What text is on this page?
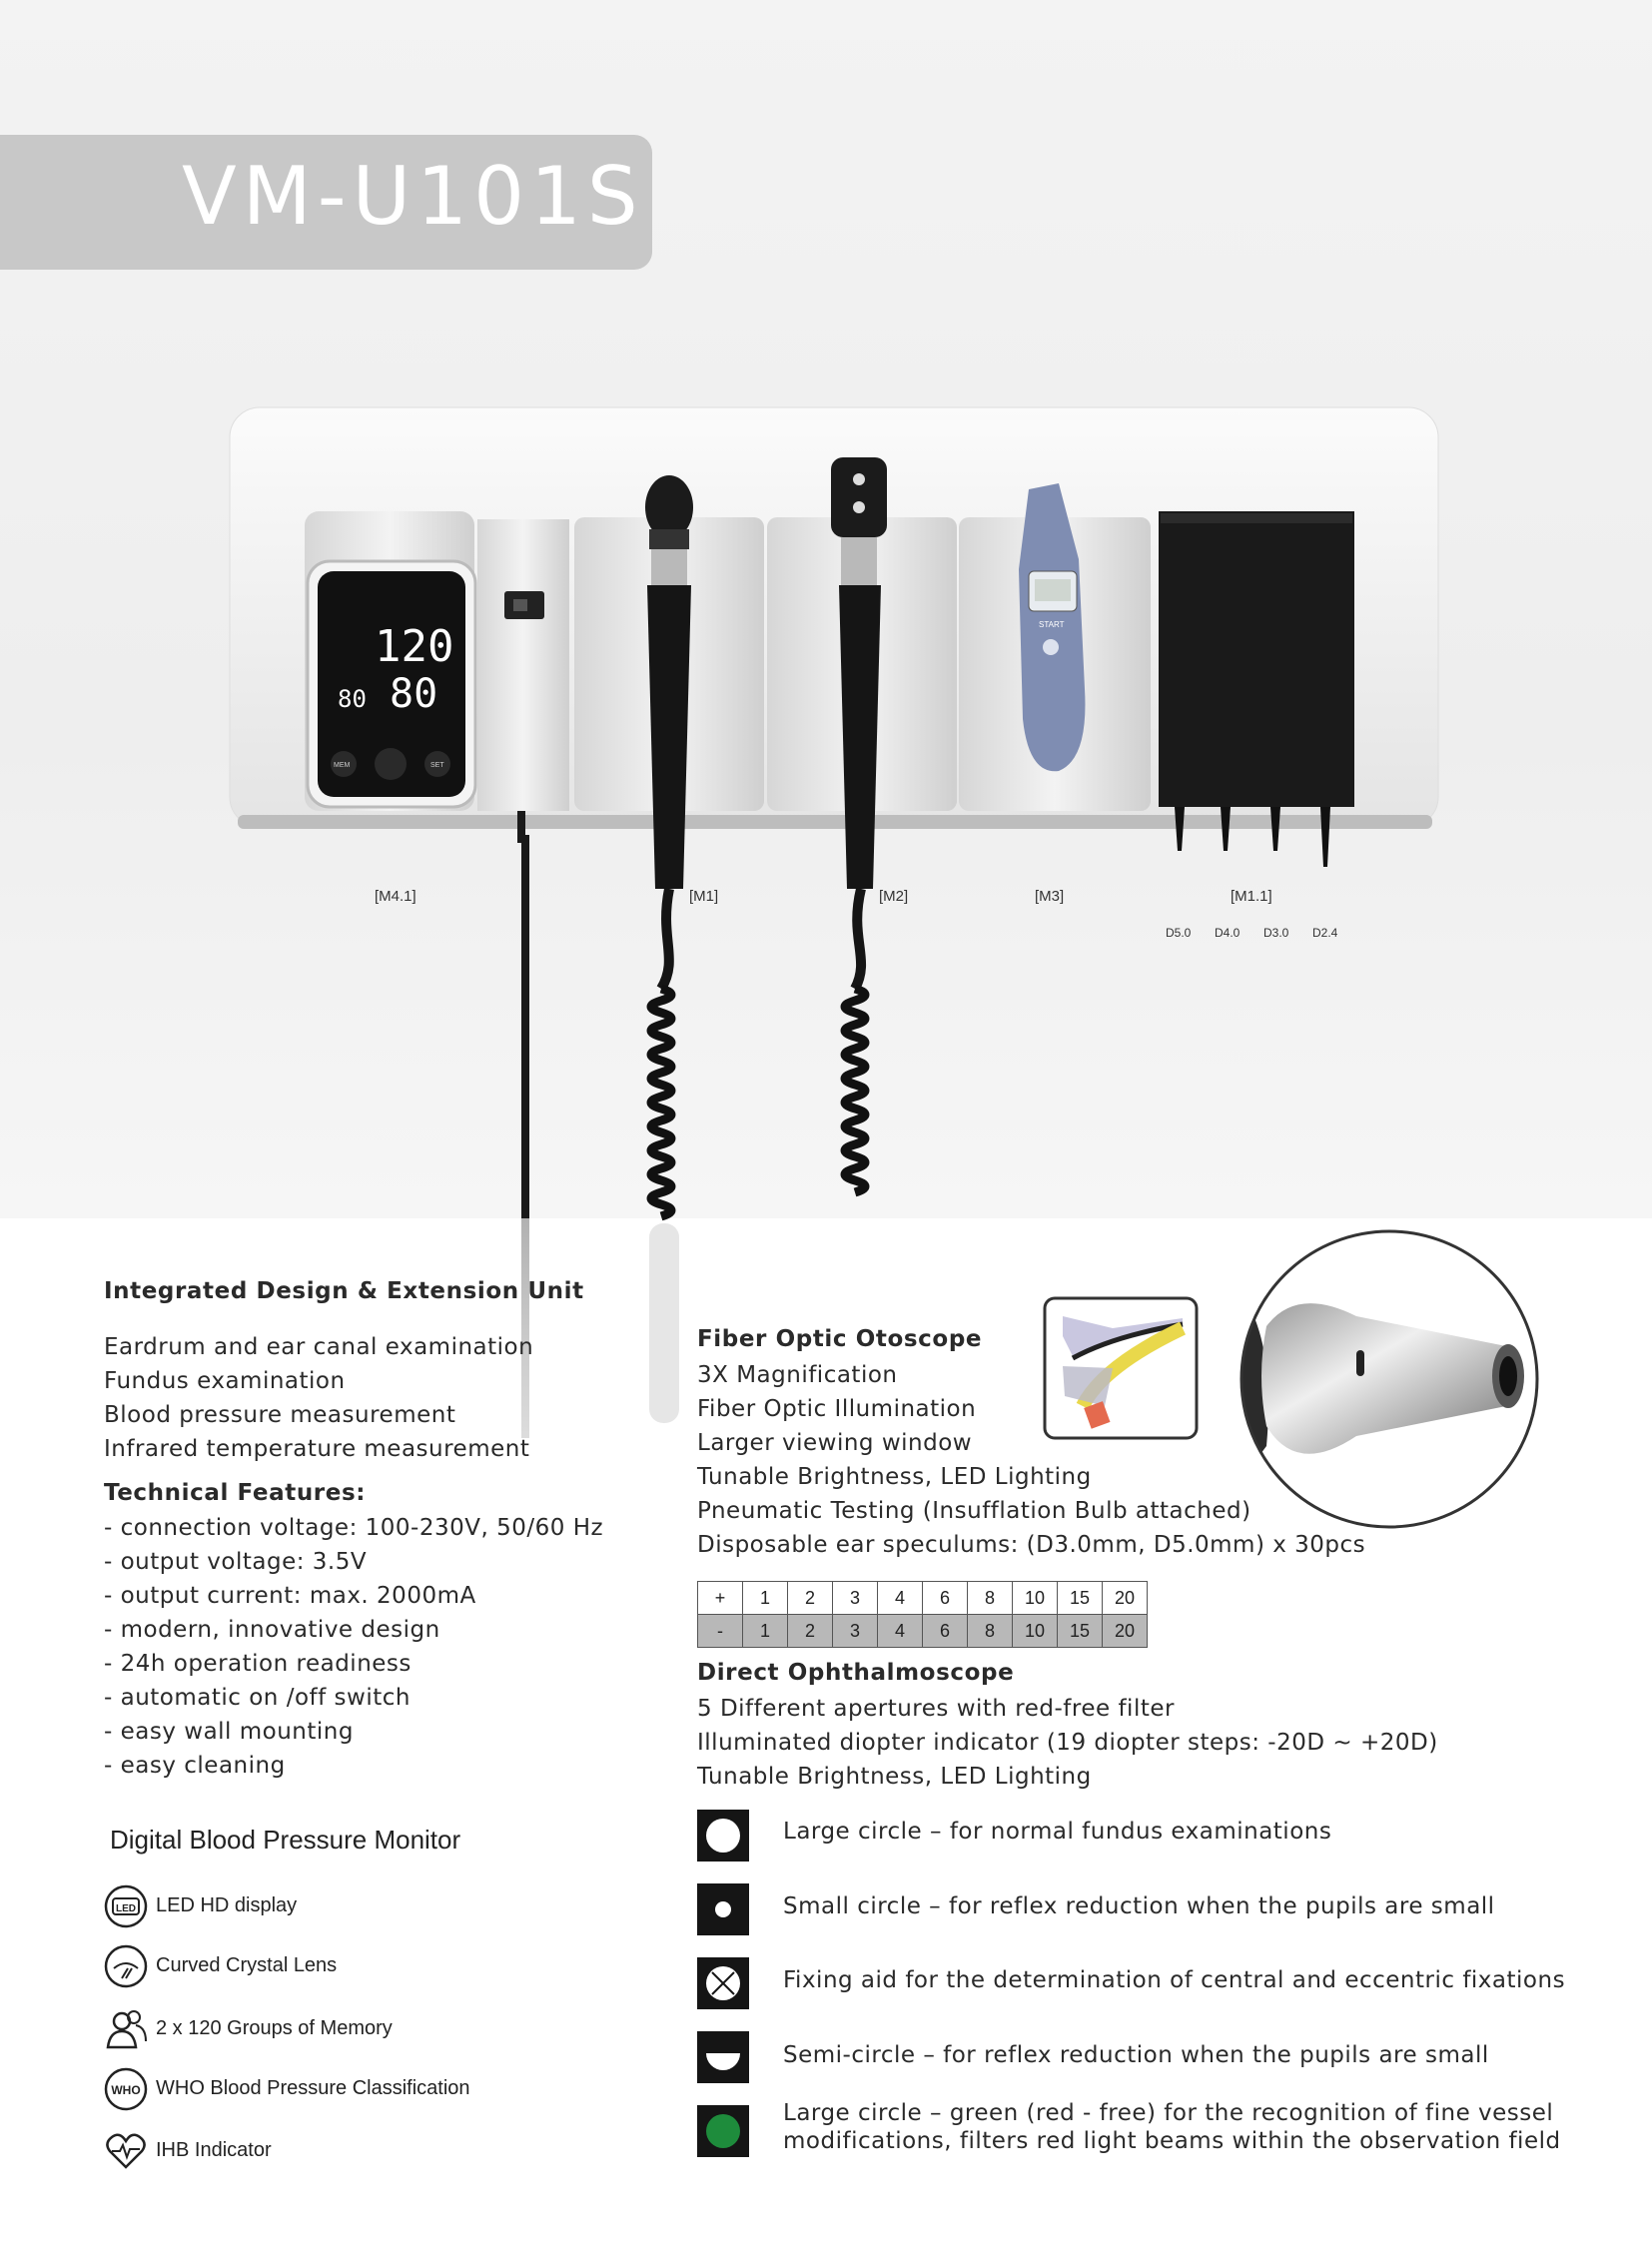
VM-U101S
120
80
80
MEM	SET
START
[M4.1]	[M1]	[M2]	[M3]	[M1.1]
D5.0 D4.0 D3.0 D2.4
Integrated Design & Extension Unit
Eardrum and ear canal examination
Fundus examination
Blood pressure measurement
Infrared temperature measurement
Technical Features:
- connection voltage: 100-230V, 50/60 Hz
- output voltage: 3.5V
- output current: max. 2000mA
- modern, innovative design
- 24h operation readiness
- automatic on /off switch
- easy wall mounting
- easy cleaning
Digital Blood Pressure Monitor
LED LED HD display
Curved Crystal Lens
2 x 120 Groups of Memory
WHO WHO Blood Pressure Classification
IHB Indicator
Fiber Optic Otoscope
3X Magnification
Fiber Optic Illumination
Larger viewing window
Tunable Brightness, LED Lighting
Pneumatic Testing (Insufflation Bulb attached)
Disposable ear speculums: (D3.0mm, D5.0mm) x 30pcs
+	1	2	3	4	6	8	10	15	20
-	1	2	3	4	6	8	10	15	20
Direct Ophthalmoscope
5 Different apertures with red-free filter
Illuminated diopter indicator (19 diopter steps: -20D ~ +20D)
Tunable Brightness, LED Lighting
Large circle – for normal fundus examinations
Small circle – for reflex reduction when the pupils are small
Fixing aid for the determination of central and eccentric fixations
Semi-circle – for reflex reduction when the pupils are small
Large circle – green (red - free) for the recognition of fine vessel
modifications, filters red light beams within the observation field
